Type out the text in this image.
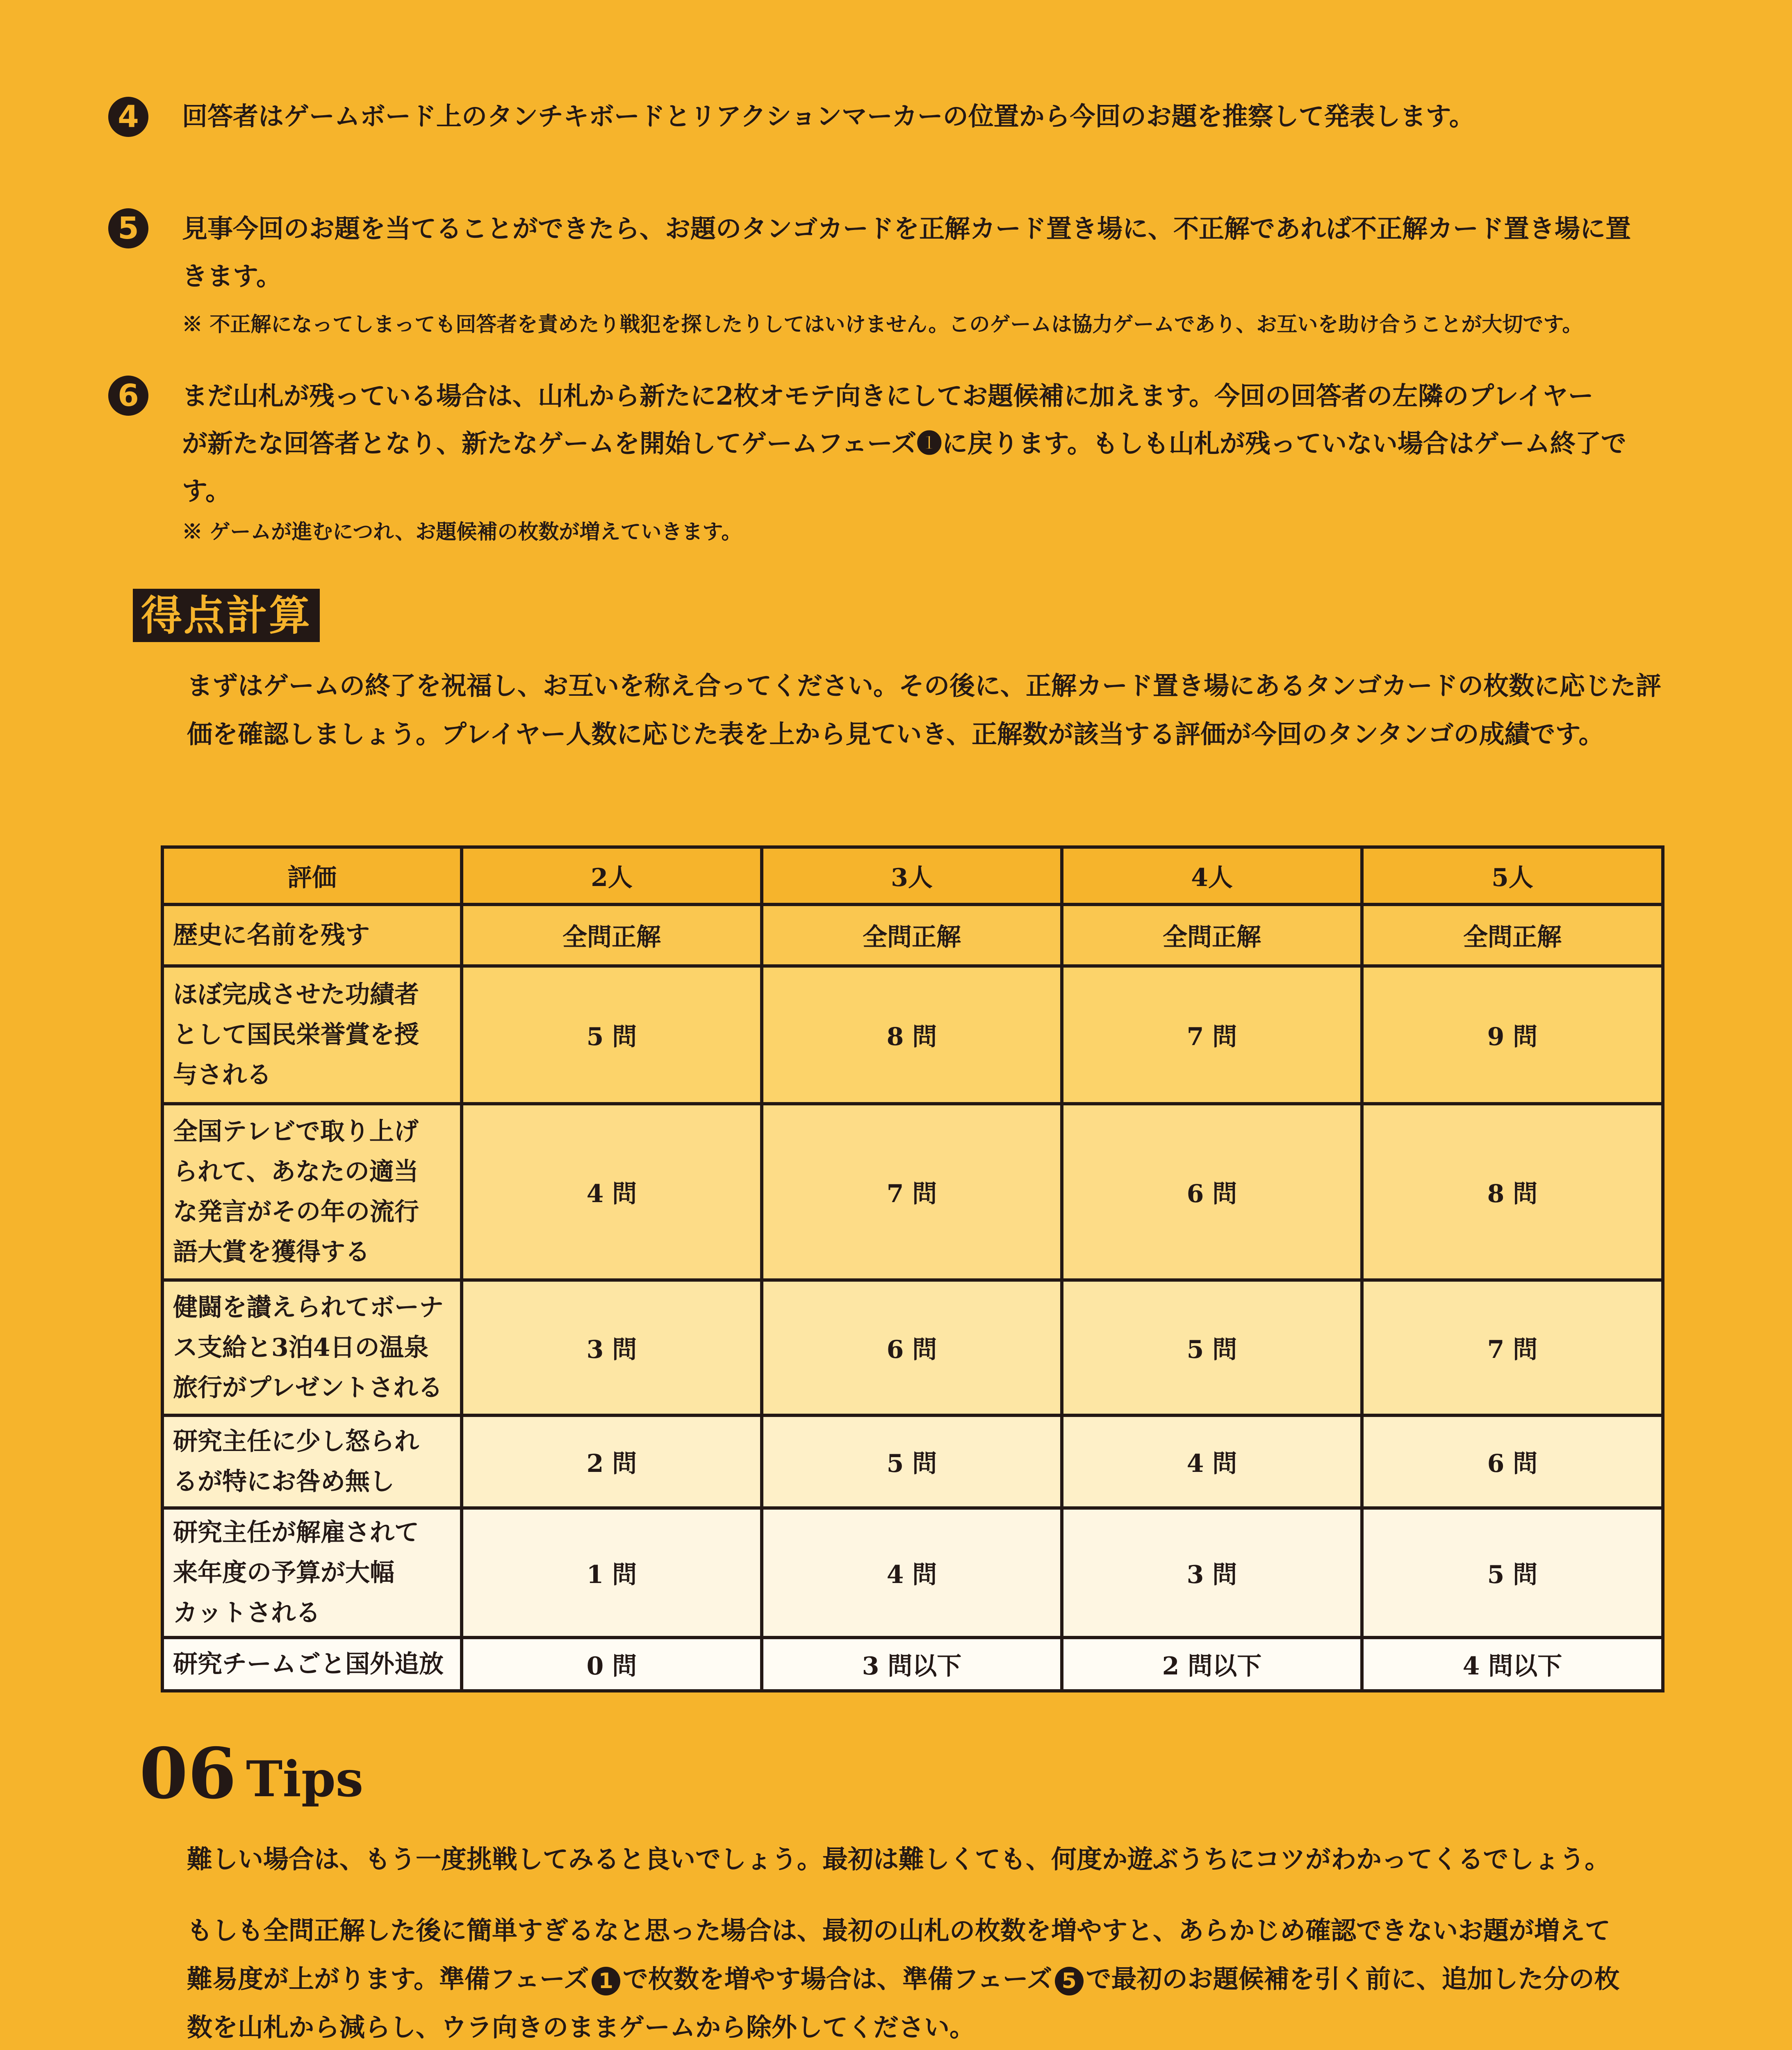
4	回答者はゲームボード上のタンチキボードとリアクションマーカーの位置から今回のお題を推察して発表します。
5	見事今回のお題を当てることができたら、お題のタンゴカードを正解カード置き場に、不正解であれば不正解カード置き場に置
きます。
※ 不正解になってしまっても回答者を責めたり戦犯を探したりしてはいけません。このゲームは協力ゲームであり、お互いを助け合うことが大切です。
6	まだ山札が残っている場合は、山札から新たに2枚オモテ向きにしてお題候補に加えます。今回の回答者の左隣のプレイヤー
が新たな回答者となり、新たなゲームを開始してゲームフェーズ❶に戻ります。もしも山札が残っていない場合はゲーム終了で
す。
※ ゲームが進むにつれ、お題候補の枚数が増えていきます。
得点計算
まずはゲームの終了を祝福し、お互いを称え合ってください。その後に、正解カード置き場にあるタンゴカードの枚数に応じた評
価を確認しましょう。プレイヤー人数に応じた表を上から見ていき、正解数が該当する評価が今回のタンタンゴの成績です。
評価	2人	3人	4人	5人

歴史に名前を残す	全問正解	全問正解	全問正解	全問正解

ほぼ完成させた功績者
として国民栄誉賞を授
与される	5 問	8 問	7 問	9 問

全国テレビで取り上げ
られて、あなたの適当
な発言がその年の流行
語大賞を獲得する	4 問	7 問	6 問	8 問

健闘を讃えられてボーナ
ス支給と3泊4日の温泉
旅行がプレゼントされる	3 問	6 問	5 問	7 問

研究主任に少し怒られ
るが特にお咎め無し	2 問	5 問	4 問	6 問

研究主任が解雇されて
来年度の予算が大幅
カットされる	1 問	4 問	3 問	5 問

研究チームごと国外追放	0 問	3 問以下	2 問以下	4 問以下
06 Tips
難しい場合は、もう一度挑戦してみると良いでしょう。最初は難しくても、何度か遊ぶうちにコツがわかってくるでしょう。
もしも全問正解した後に簡単すぎるなと思った場合は、最初の山札の枚数を増やすと、あらかじめ確認できないお題が増えて
難易度が上がります。準備フェーズ 1 で枚数を増やす場合は、準備フェーズ 5 で最初のお題候補を引く前に、追加した分の枚
数を山札から減らし、ウラ向きのままゲームから除外してください。
